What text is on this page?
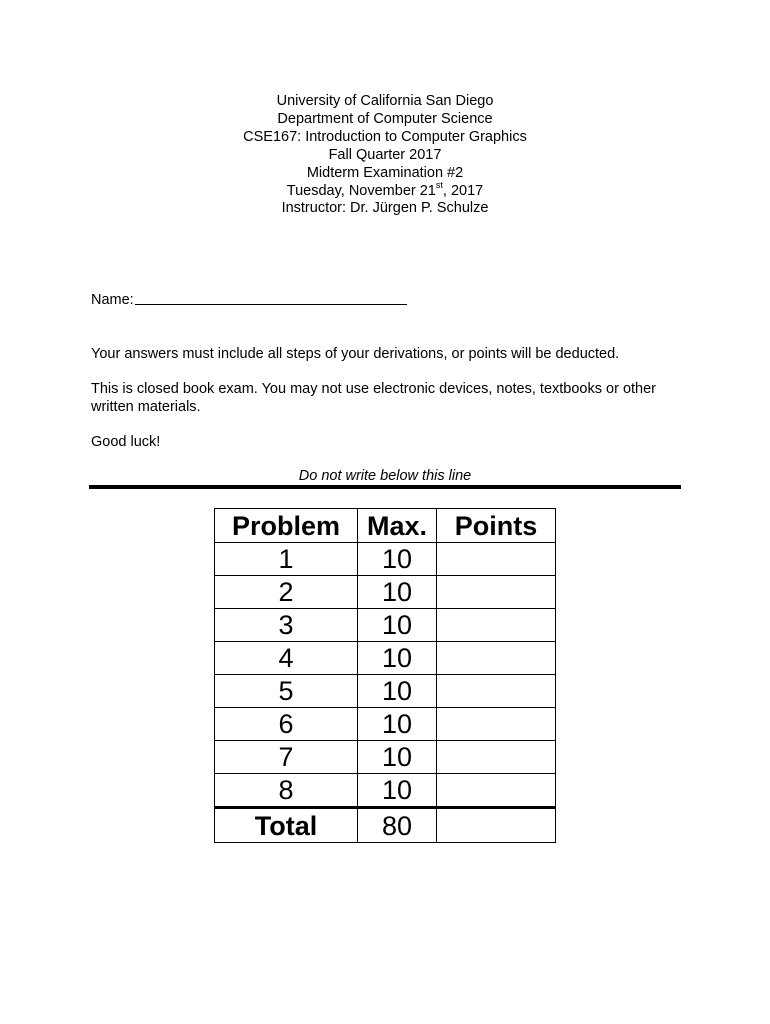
University of California San Diego
Department of Computer Science
CSE167: Introduction to Computer Graphics
Fall Quarter 2017
Midterm Examination #2
Tuesday, November 21st, 2017
Instructor: Dr. Jürgen P. Schulze
Name:
Your answers must include all steps of your derivations, or points will be deducted.
This is closed book exam. You may not use electronic devices, notes, textbooks or other written materials.
Good luck!
Do not write below this line
Problem	Max.	Points
1	10	
2	10	
3	10	
4	10	
5	10	
6	10	
7	10	
8	10	
Total	80	
